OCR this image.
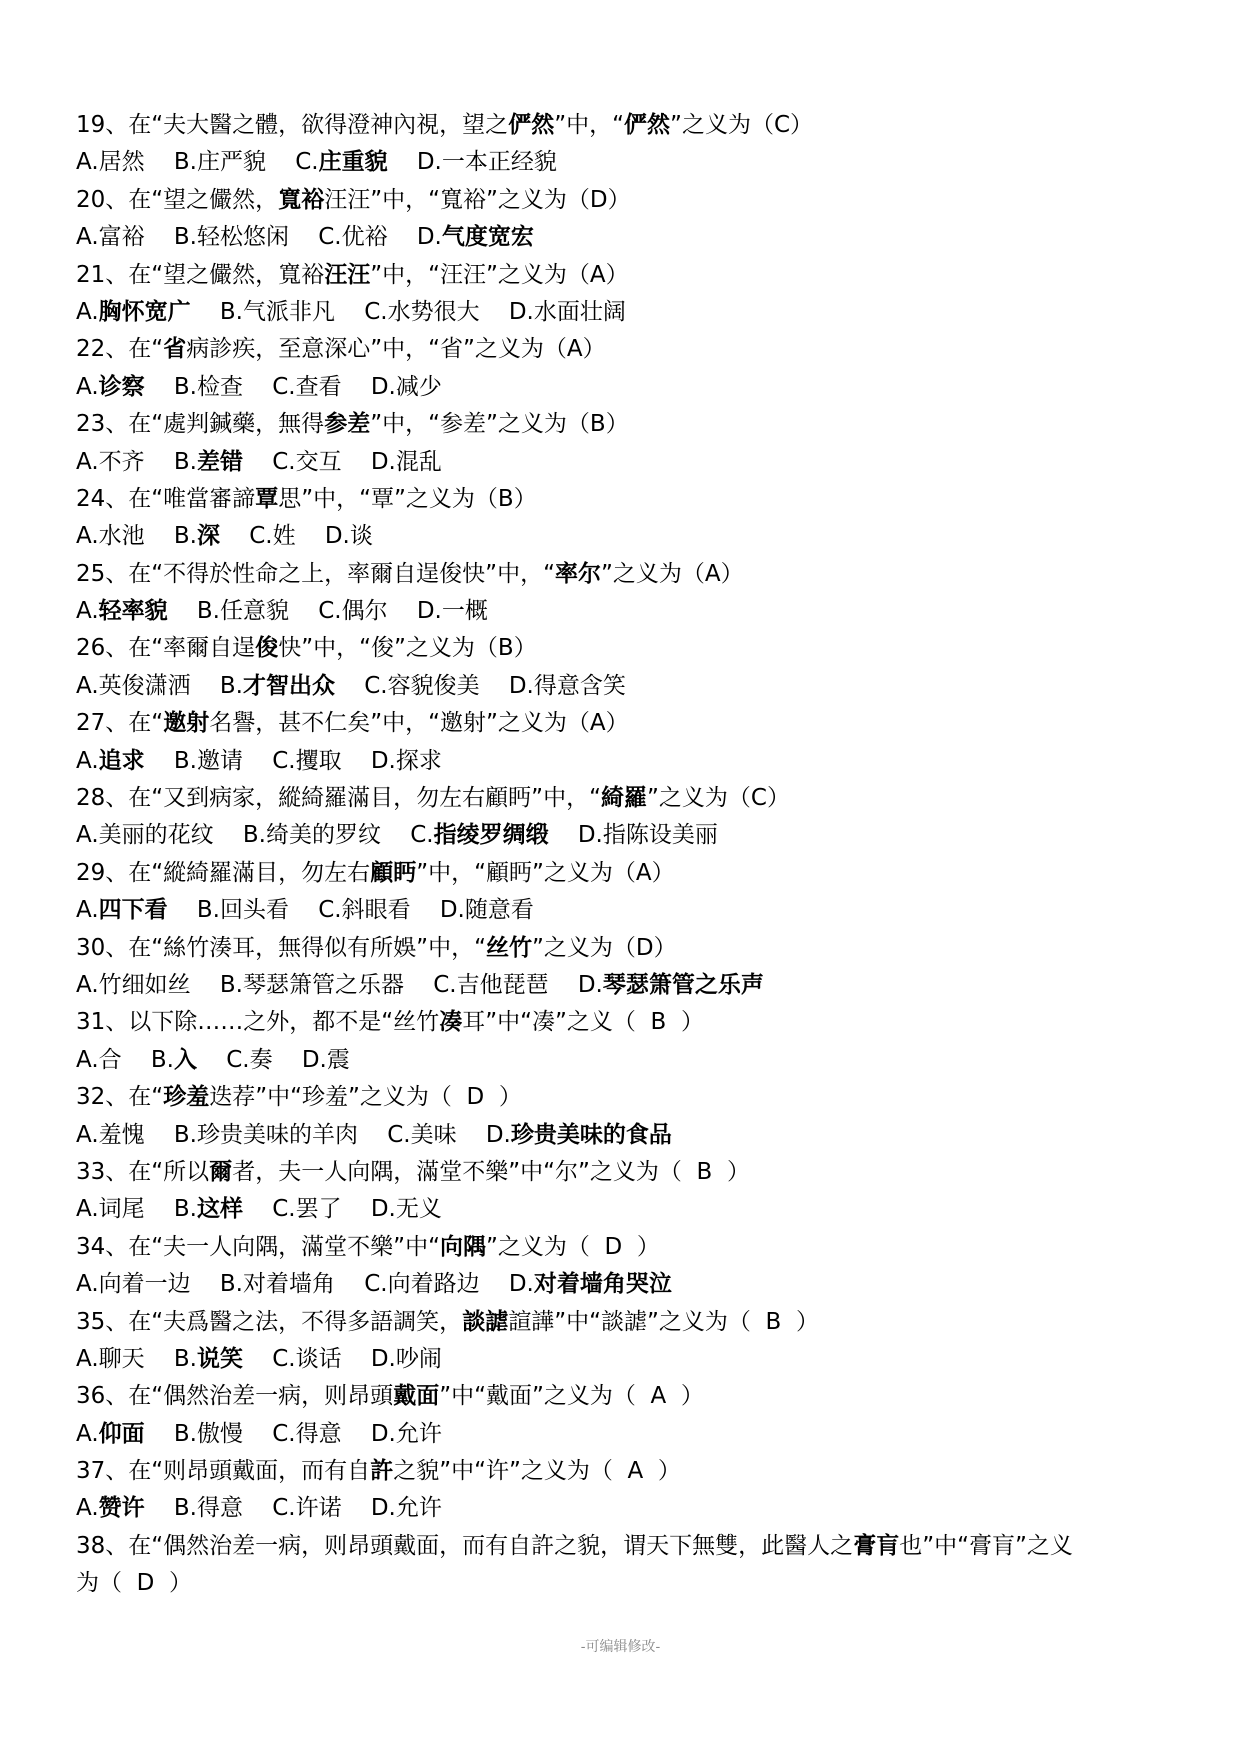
19、在“夫大醫之體，欲得澄神內視，望之俨然”中，“俨然”之义为（C）
A.居然    B.庄严貌    C.庄重貌    D.一本正经貌
20、在“望之儼然，寬裕汪汪”中，“寬裕”之义为（D）
A.富裕    B.轻松悠闲    C.优裕    D.气度宽宏
21、在“望之儼然，寬裕汪汪”中，“汪汪”之义为（A）
A.胸怀宽广    B.气派非凡    C.水势很大    D.水面壮阔
22、在“省病診疾，至意深心”中，“省”之义为（A）
A.诊察    B.检查    C.查看    D.减少
23、在“處判鍼藥，無得参差”中，“参差”之义为（B）
A.不齐    B.差错    C.交互    D.混乱
24、在“唯當審諦覃思”中，“覃”之义为（B）
A.水池    B.深    C.姓    D.谈
25、在“不得於性命之上，率爾自逞俊快”中，“率尔”之义为（A）
A.轻率貌    B.任意貌    C.偶尔    D.一概
26、在“率爾自逞俊快”中，“俊”之义为（B）
A.英俊潇洒    B.才智出众    C.容貌俊美    D.得意含笑
27、在“邀射名譽，甚不仁矣”中，“邀射”之义为（A）
A.追求    B.邀请    C.攫取    D.探求
28、在“又到病家，縱綺羅滿目，勿左右顧眄”中，“綺羅”之义为（C）
A.美丽的花纹    B.绮美的罗纹    C.指绫罗绸缎    D.指陈设美丽
29、在“縱綺羅滿目，勿左右顧眄”中，“顧眄”之义为（A）
A.四下看    B.回头看    C.斜眼看    D.随意看
30、在“絲竹湊耳，無得似有所娛”中，“丝竹”之义为（D）
A.竹细如丝    B.琴瑟箫管之乐器    C.吉他琵琶    D.琴瑟箫管之乐声
31、以下除……之外，都不是“丝竹凑耳”中“凑”之义（  B  ）
A.合    B.入    C.奏    D.震
32、在“珍羞迭荐”中“珍羞”之义为（  D  ）
A.羞愧    B.珍贵美味的羊肉    C.美味    D.珍贵美味的食品
33、在“所以爾者，夫一人向隅，滿堂不樂”中“尔”之义为（  B  ）
A.词尾    B.这样    C.罢了    D.无义
34、在“夫一人向隅，滿堂不樂”中“向隅”之义为（  D  ）
A.向着一边    B.对着墙角    C.向着路边    D.对着墙角哭泣
35、在“夫爲醫之法，不得多語調笑，談謔諠譁”中“談謔”之义为（  B  ）
A.聊天    B.说笑    C.谈话    D.吵闹
36、在“偶然治差一病，则昂頭戴面”中“戴面”之义为（  A  ）
A.仰面    B.傲慢    C.得意    D.允许
37、在“则昂頭戴面，而有自許之貌”中“许”之义为（  A  ）
A.赞许    B.得意    C.许诺    D.允许
38、在“偶然治差一病，则昂頭戴面，而有自許之貌，谓天下無雙，此醫人之膏肓也”中“膏肓”之义
为（  D  ）
-可编辑修改-
